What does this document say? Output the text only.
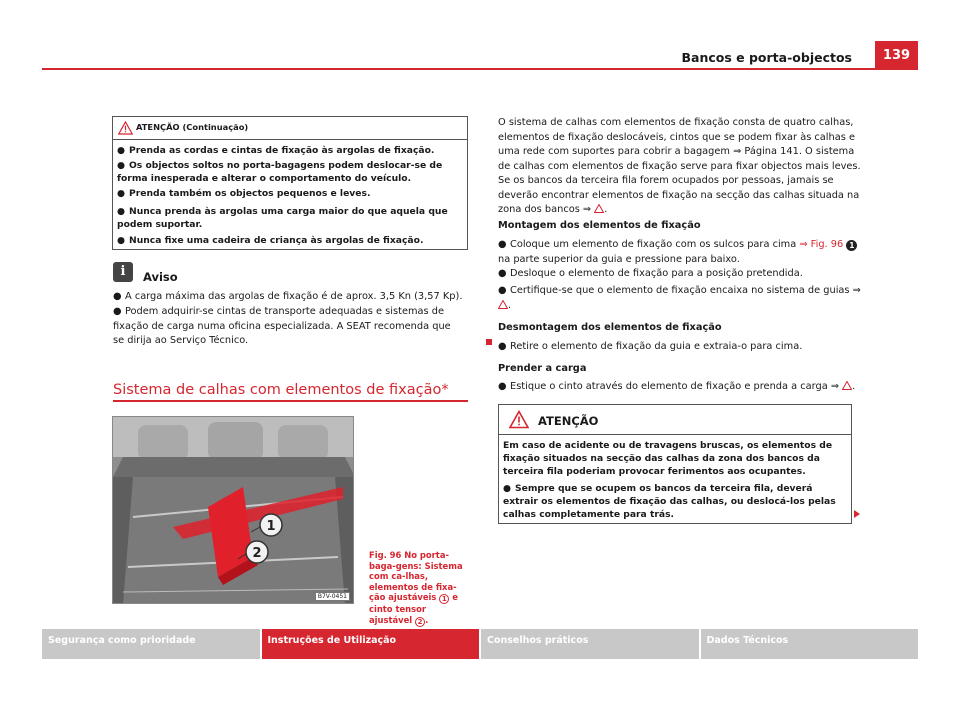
Bancos e porta-objectos	139
ATENÇÃO (Continuação)
● Prenda as cordas e cintas de fixação às argolas de fixação.
● Os objectos soltos no porta-bagagens podem deslocar-se de forma inesperada e alterar o comportamento do veículo.
● Prenda também os objectos pequenos e leves.
● Nunca prenda às argolas uma carga maior do que aquela que podem suportar.
● Nunca fixe uma cadeira de criança às argolas de fixação.
i	Aviso
● A carga máxima das argolas de fixação é de aprox. 3,5 Kn (3,57 Kp).
● Podem adquirir-se cintas de transporte adequadas e sistemas de fixação de carga numa oficina especializada. A SEAT recomenda que se dirija ao Serviço Técnico.
Sistema de calhas com elementos de fixação*
1
2
B7V-0451
Fig. 96 No porta-baga-gens: Sistema com ca-lhas, elementos de fixa-ção ajustáveis 1 e cinto tensor ajustável 2 .
O sistema de calhas com elementos de fixação consta de quatro calhas, elementos de fixação deslocáveis, cintos que se podem fixar às calhas e uma rede com suportes para cobrir a bagagem ⇒ Página 141. O sistema de calhas com elementos de fixação serve para fixar objectos mais leves. Se os bancos da terceira fila forem ocupados por pessoas, jamais se deverão encontrar elementos de fixação na secção das calhas situada na zona dos bancos ⇒ .
Montagem dos elementos de fixação
● Coloque um elemento de fixação com os sulcos para cima ⇒ Fig. 96 1
na parte superior da guia e pressione para baixo.
● Desloque o elemento de fixação para a posição pretendida.
● Certifique-se que o elemento de fixação encaixa no sistema de guias ⇒ .
Desmontagem dos elementos de fixação
● Retire o elemento de fixação da guia e extraia-o para cima.
Prender a carga
● Estique o cinto através do elemento de fixação e prenda a carga ⇒ .
ATENÇÃO
Em caso de acidente ou de travagens bruscas, os elementos de fixação situados na secção das calhas da zona dos bancos da terceira fila poderiam provocar ferimentos aos ocupantes.
● Sempre que se ocupem os bancos da terceira fila, deverá extrair os elementos de fixação das calhas, ou deslocá-los pelas calhas completamente para trás.
Segurança como prioridade	Instruções de Utilização	Conselhos práticos	Dados Técnicos
